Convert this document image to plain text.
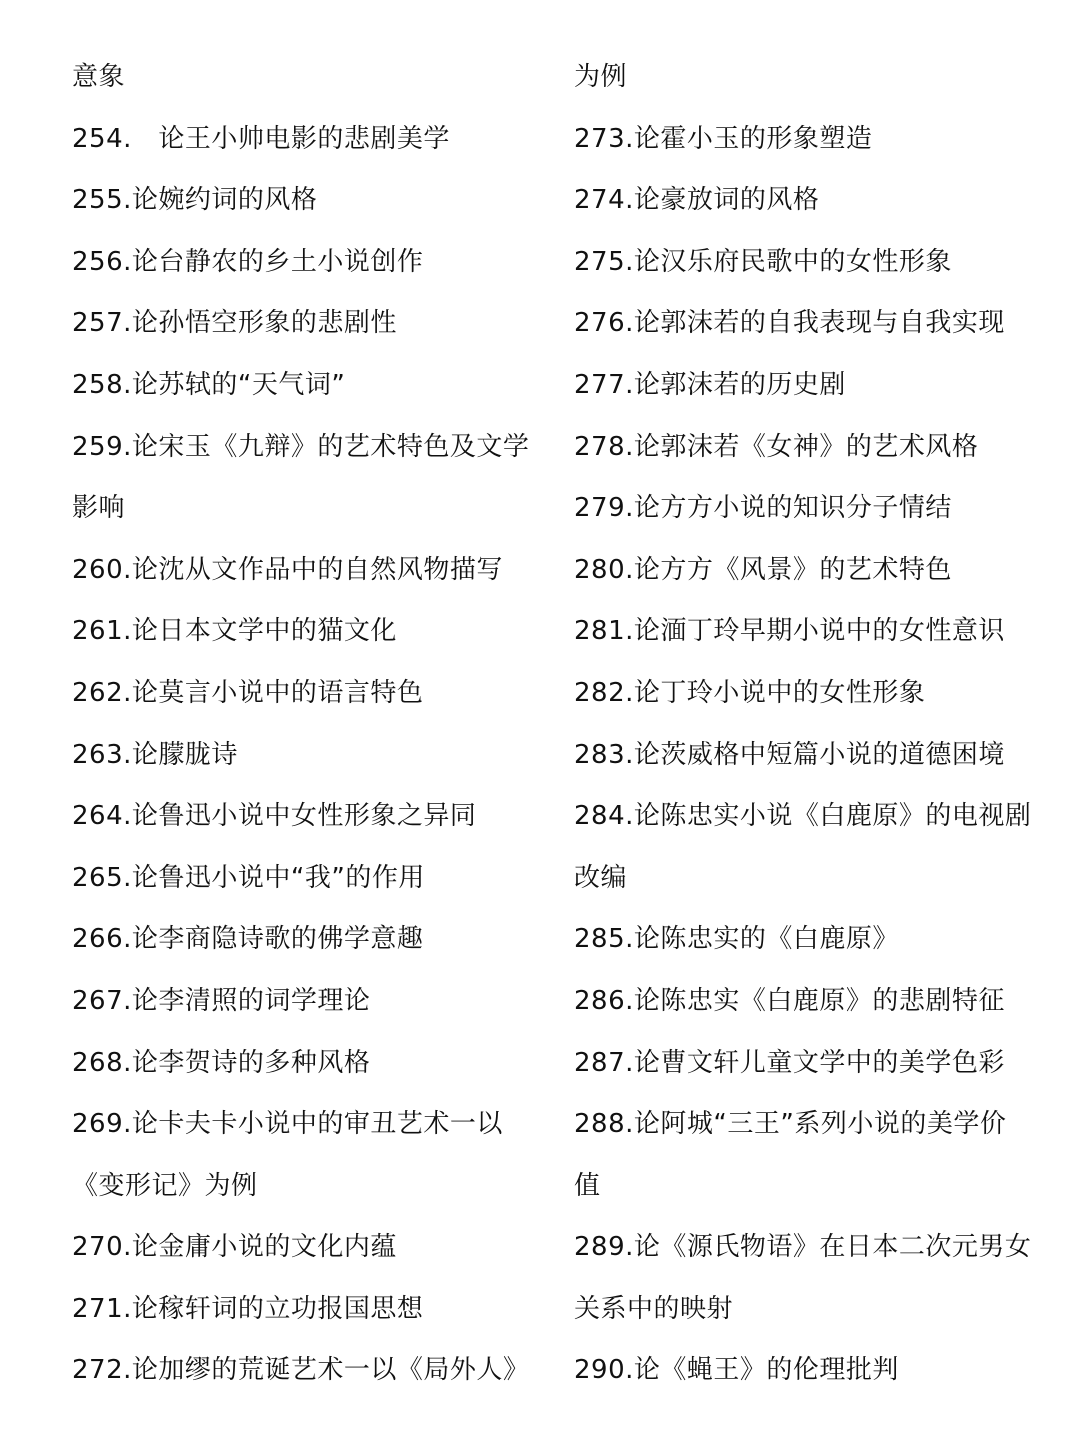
意象
254.　论王小帅电影的悲剧美学
255.论婉约词的风格
256.论台静农的乡土小说创作
257.论孙悟空形象的悲剧性
258.论苏轼的“天气词”
259.论宋玉《九辩》的艺术特色及文学
影响
260.论沈从文作品中的自然风物描写
261.论日本文学中的猫文化
262.论莫言小说中的语言特色
263.论朦胧诗
264.论鲁迅小说中女性形象之异同
265.论鲁迅小说中“我”的作用
266.论李商隐诗歌的佛学意趣
267.论李清照的词学理论
268.论李贺诗的多种风格
269.论卡夫卡小说中的审丑艺术一以
《变形记》为例
270.论金庸小说的文化内蕴
271.论稼轩词的立功报国思想
272.论加缪的荒诞艺术一以《局外人》
为例
273.论霍小玉的形象塑造
274.论豪放词的风格
275.论汉乐府民歌中的女性形象
276.论郭沫若的自我表现与自我实现
277.论郭沫若的历史剧
278.论郭沫若《女神》的艺术风格
279.论方方小说的知识分子情结
280.论方方《风景》的艺术特色
281.论湎丁玲早期小说中的女性意识
282.论丁玲小说中的女性形象
283.论茨威格中短篇小说的道德困境
284.论陈忠实小说《白鹿原》的电视剧
改编
285.论陈忠实的《白鹿原》
286.论陈忠实《白鹿原》的悲剧特征
287.论曹文轩儿童文学中的美学色彩
288.论阿城“三王”系列小说的美学价
值
289.论《源氏物语》在日本二次元男女
关系中的映射
290.论《蝇王》的伦理批判
